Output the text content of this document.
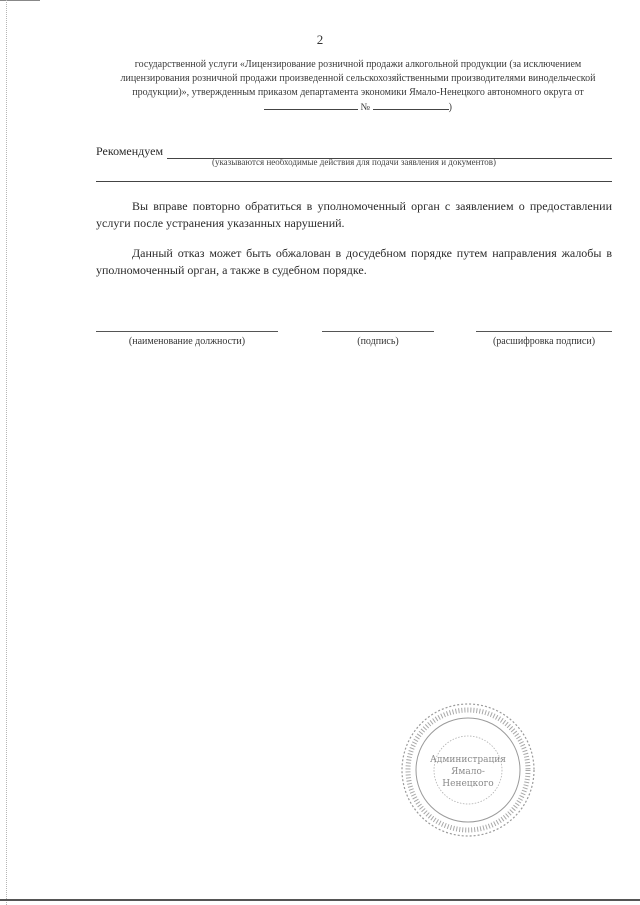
2
государственной услуги «Лицензирование розничной продажи алкогольной продукции (за исключением
лицензирования розничной продажи произведенной сельскохозяйственными производителями винодельческой
продукции)», утвержденным приказом департамента экономики Ямало-Ненецкого автономного округа от
№	)
Рекомендуем
(указываются необходимые действия для подачи заявления и документов)
Вы вправе повторно обратиться в уполномоченный орган с заявлением о предоставлении услуги после устранения указанных нарушений.
Данный отказ может быть обжалован в досудебном порядке путем направления жалобы в уполномоченный орган, а также в судебном порядке.
(наименование должности)	(подпись)	(расшифровка подписи)
Администрация
Ямало-
Ненецкого
